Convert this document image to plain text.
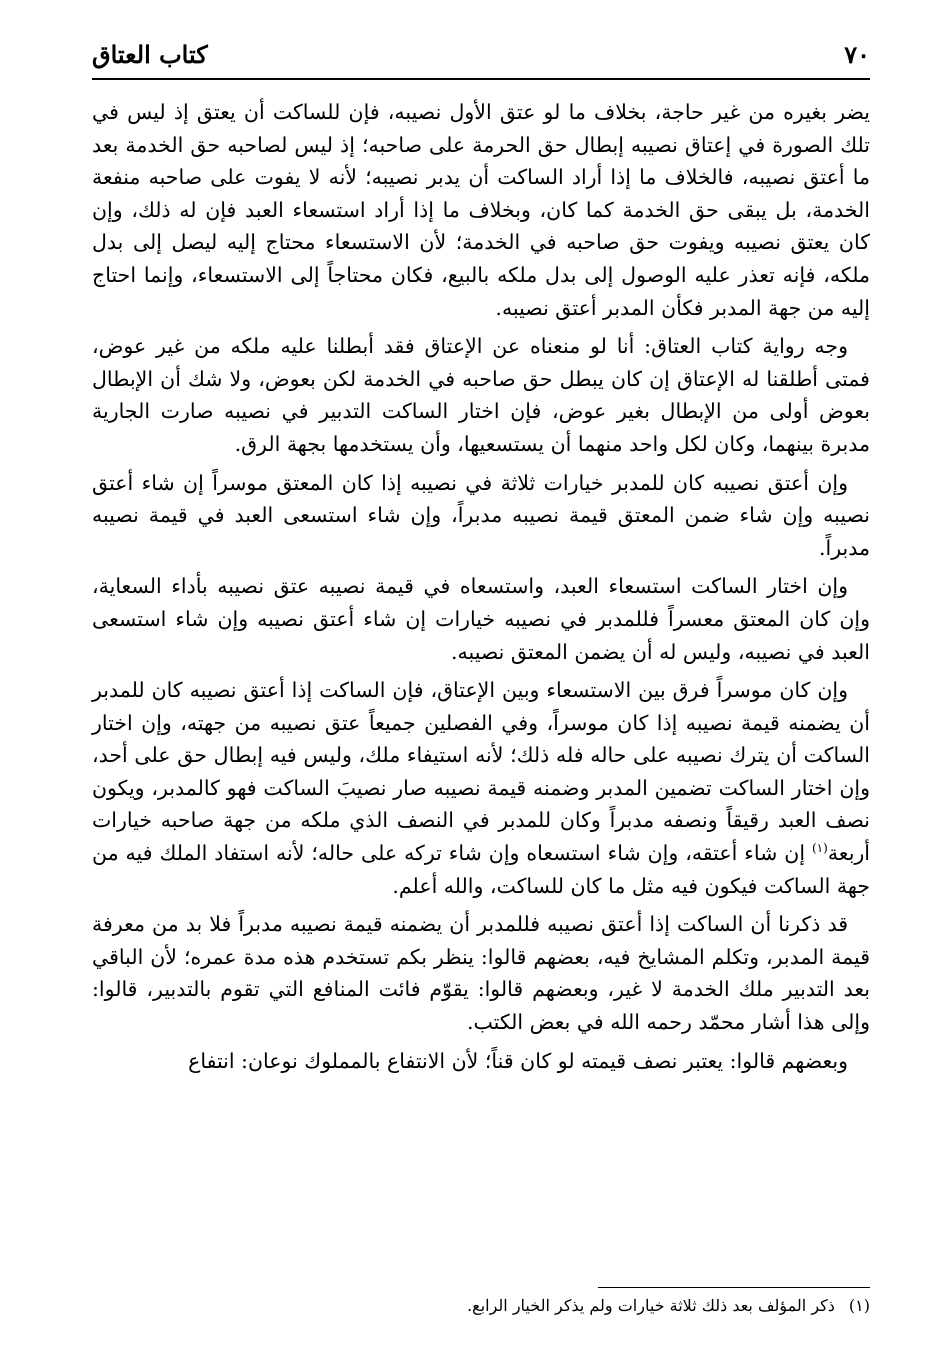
٧٠
كتاب العتاق

يضر بغيره من غير حاجة، بخلاف ما لو عتق الأول نصيبه، فإن للساكت أن يعتق إذ ليس في تلك الصورة في إعتاق نصيبه إبطال حق الحرمة على صاحبه؛ إذ ليس لصاحبه حق الخدمة بعد ما أعتق نصيبه، فالخلاف ما إذا أراد الساكت أن يدبر نصيبه؛ لأنه لا يفوت على صاحبه منفعة الخدمة، بل يبقى حق الخدمة كما كان، وبخلاف ما إذا أراد استسعاء العبد فإن له ذلك، وإن كان يعتق نصيبه ويفوت حق صاحبه في الخدمة؛ لأن الاستسعاء محتاج إليه ليصل إلى بدل ملكه، فإنه تعذر عليه الوصول إلى بدل ملكه بالبيع، فكان محتاجاً إلى الاستسعاء، وإنما احتاج إليه من جهة المدبر فكأن المدبر أعتق نصيبه.

وجه رواية كتاب العتاق: أنا لو منعناه عن الإعتاق فقد أبطلنا عليه ملكه من غير عوض، فمتى أطلقنا له الإعتاق إن كان يبطل حق صاحبه في الخدمة لكن بعوض، ولا شك أن الإبطال بعوض أولى من الإبطال بغير عوض، فإن اختار الساكت التدبير في نصيبه صارت الجارية مدبرة بينهما، وكان لكل واحد منهما أن يستسعيها، وأن يستخدمها بجهة الرق.

وإن أعتق نصيبه كان للمدبر خيارات ثلاثة في نصيبه إذا كان المعتق موسراً إن شاء أعتق نصيبه وإن شاء ضمن المعتق قيمة نصيبه مدبراً، وإن شاء استسعى العبد في قيمة نصيبه مدبراً.

وإن اختار الساكت استسعاء العبد، واستسعاه في قيمة نصيبه عتق نصيبه بأداء السعاية، وإن كان المعتق معسراً فللمدبر في نصيبه خيارات إن شاء أعتق نصيبه وإن شاء استسعى العبد في نصيبه، وليس له أن يضمن المعتق نصيبه.

وإن كان موسراً فرق بين الاستسعاء وبين الإعتاق، فإن الساكت إذا أعتق نصيبه كان للمدبر أن يضمنه قيمة نصيبه إذا كان موسراً، وفي الفصلين جميعاً عتق نصيبه من جهته، وإن اختار الساكت أن يترك نصيبه على حاله فله ذلك؛ لأنه استيفاء ملك، وليس فيه إبطال حق على أحد، وإن اختار الساكت تضمين المدبر وضمنه قيمة نصيبه صار نصيبَ الساكت فهو كالمدبر، ويكون نصف العبد رقيقاً ونصفه مدبراً وكان للمدبر في النصف الذي ملكه من جهة صاحبه خيارات أربعة$^{(١)}$ إن شاء أعتقه، وإن شاء استسعاه وإن شاء تركه على حاله؛ لأنه استفاد الملك فيه من جهة الساكت فيكون فيه مثل ما كان للساكت، والله أعلم.

قد ذكرنا أن الساكت إذا أعتق نصيبه فللمدبر أن يضمنه قيمة نصيبه مدبراً فلا بد من معرفة قيمة المدبر، وتكلم المشايخ فيه، بعضهم قالوا: ينظر بكم تستخدم هذه مدة عمره؛ لأن الباقي بعد التدبير ملك الخدمة لا غير، وبعضهم قالوا: يقوّم فائت المنافع التي تقوم بالتدبير، قالوا: وإلى هذا أشار محمّد رحمه الله في بعض الكتب.

وبعضهم قالوا: يعتبر نصف قيمته لو كان قناً؛ لأن الانتفاع بالمملوك نوعان: انتفاع

(١)ذكر المؤلف بعد ذلك ثلاثة خيارات ولم يذكر الخيار الرابع.
